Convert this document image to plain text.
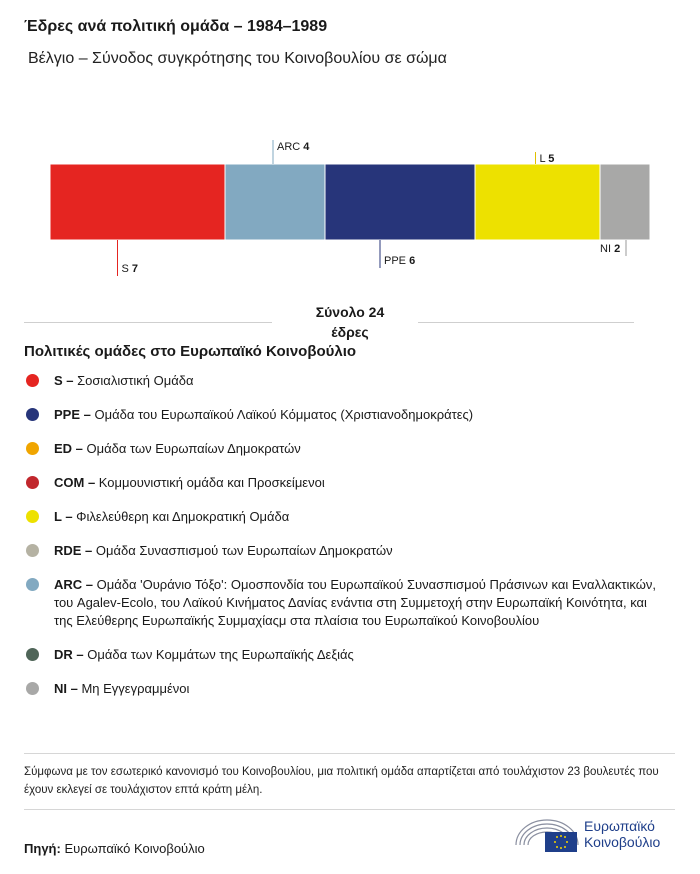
Έδρες ανά πολιτική ομάδα – 1984–1989
Βέλγιο – Σύνοδος συγκρότησης του Κοινοβουλίου σε σώμα
S 7
ARC 4
PPE 6
L 5
NI 2
Σύνολο 24
έδρες
Πολιτικές ομάδες στο Ευρωπαϊκό Κοινοβούλιο
S – Σοσιαλιστική Ομάδα
PPE – Ομάδα του Ευρωπαϊκού Λαϊκού Κόμματος (Χριστιανοδημοκράτες)
ED – Ομάδα των Ευρωπαίων Δημοκρατών
COM – Κομμουνιστική ομάδα και Προσκείμενοι
L – Φιλελεύθερη και Δημοκρατική Ομάδα
RDE – Ομάδα Συνασπισμού των Ευρωπαίων Δημοκρατών
ARC – Ομάδα 'Ουράνιο Τόξο': Ομοσπονδία του Ευρωπαϊκού Συνασπισμού Πράσινων και Εναλλακτικών, του Agalev-Ecolo, του Λαϊκού Κινήματος Δανίας ενάντια στη Συμμετοχή στην Ευρωπαϊκή Κοινότητα, και της Ελεύθερης Ευρωπαϊκής Συμμαχίαςμ στα πλαίσια του Ευρωπαϊκού Κοινοβουλίου
DR – Ομάδα των Κομμάτων της Ευρωπαϊκής Δεξιάς
NI – Μη Εγγεγραμμένοι
Σύμφωνα με τον εσωτερικό κανονισμό του Κοινοβουλίου, μια πολιτική ομάδα απαρτίζεται από τουλάχιστον 23 βουλευτές που έχουν εκλεγεί σε τουλάχιστον επτά κράτη μέλη.
Πηγή: Ευρωπαϊκό Κοινοβούλιο
Ευρωπαϊκό
Κοινοβούλιο
